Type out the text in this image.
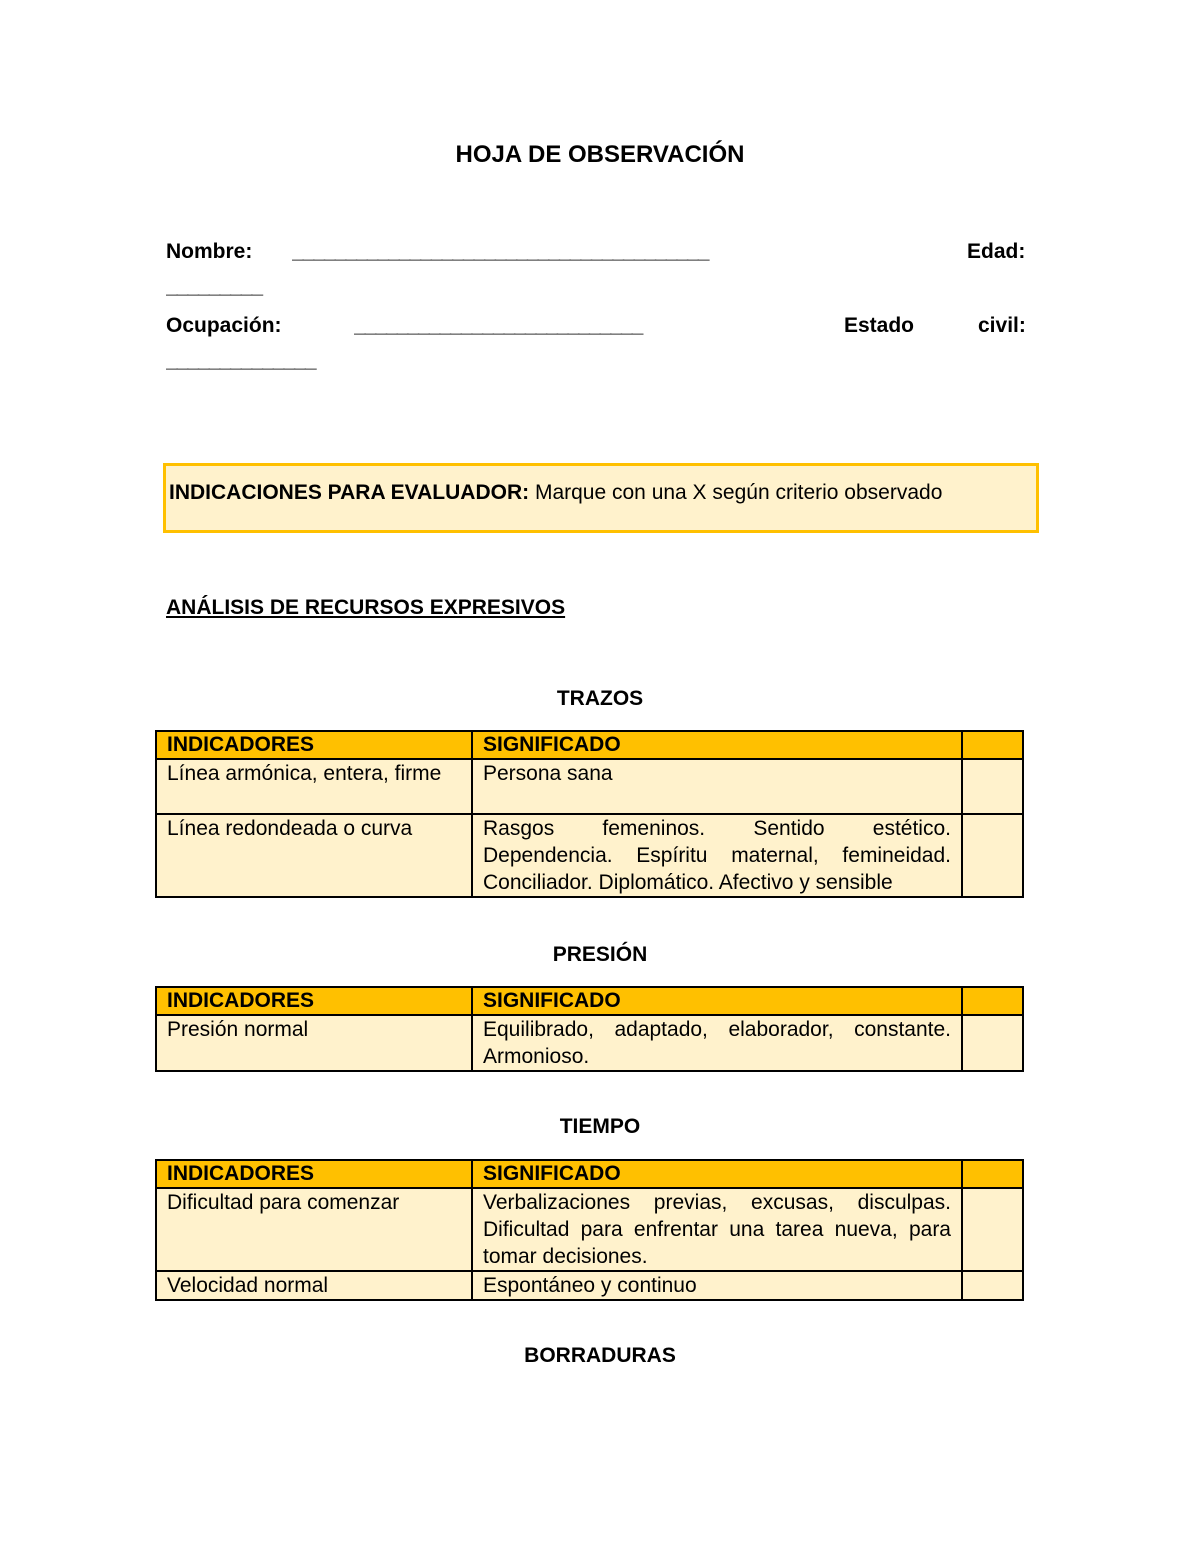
HOJA DE OBSERVACIÓN
Nombre: _______________________________________	Edad:
_________
Ocupación:	___________________________	Estado	civil:
______________
INDICACIONES PARA EVALUADOR: Marque con una X según criterio observado
ANÁLISIS DE RECURSOS EXPRESIVOS
TRAZOS
INDICADORES	SIGNIFICADO	
Línea armónica, entera, firme	Persona sana	
Línea redondeada o curva	Rasgos femeninos. Sentido estético. Dependencia. Espíritu maternal, femineidad. Conciliador. Diplomático. Afectivo y sensible	
PRESIÓN
INDICADORES	SIGNIFICADO	
Presión normal	Equilibrado, adaptado, elaborador, constante. Armonioso.	
TIEMPO
INDICADORES	SIGNIFICADO	
Dificultad para comenzar	Verbalizaciones previas, excusas, disculpas. Dificultad para enfrentar una tarea nueva, para tomar decisiones.	
Velocidad normal	Espontáneo y continuo	
BORRADURAS
